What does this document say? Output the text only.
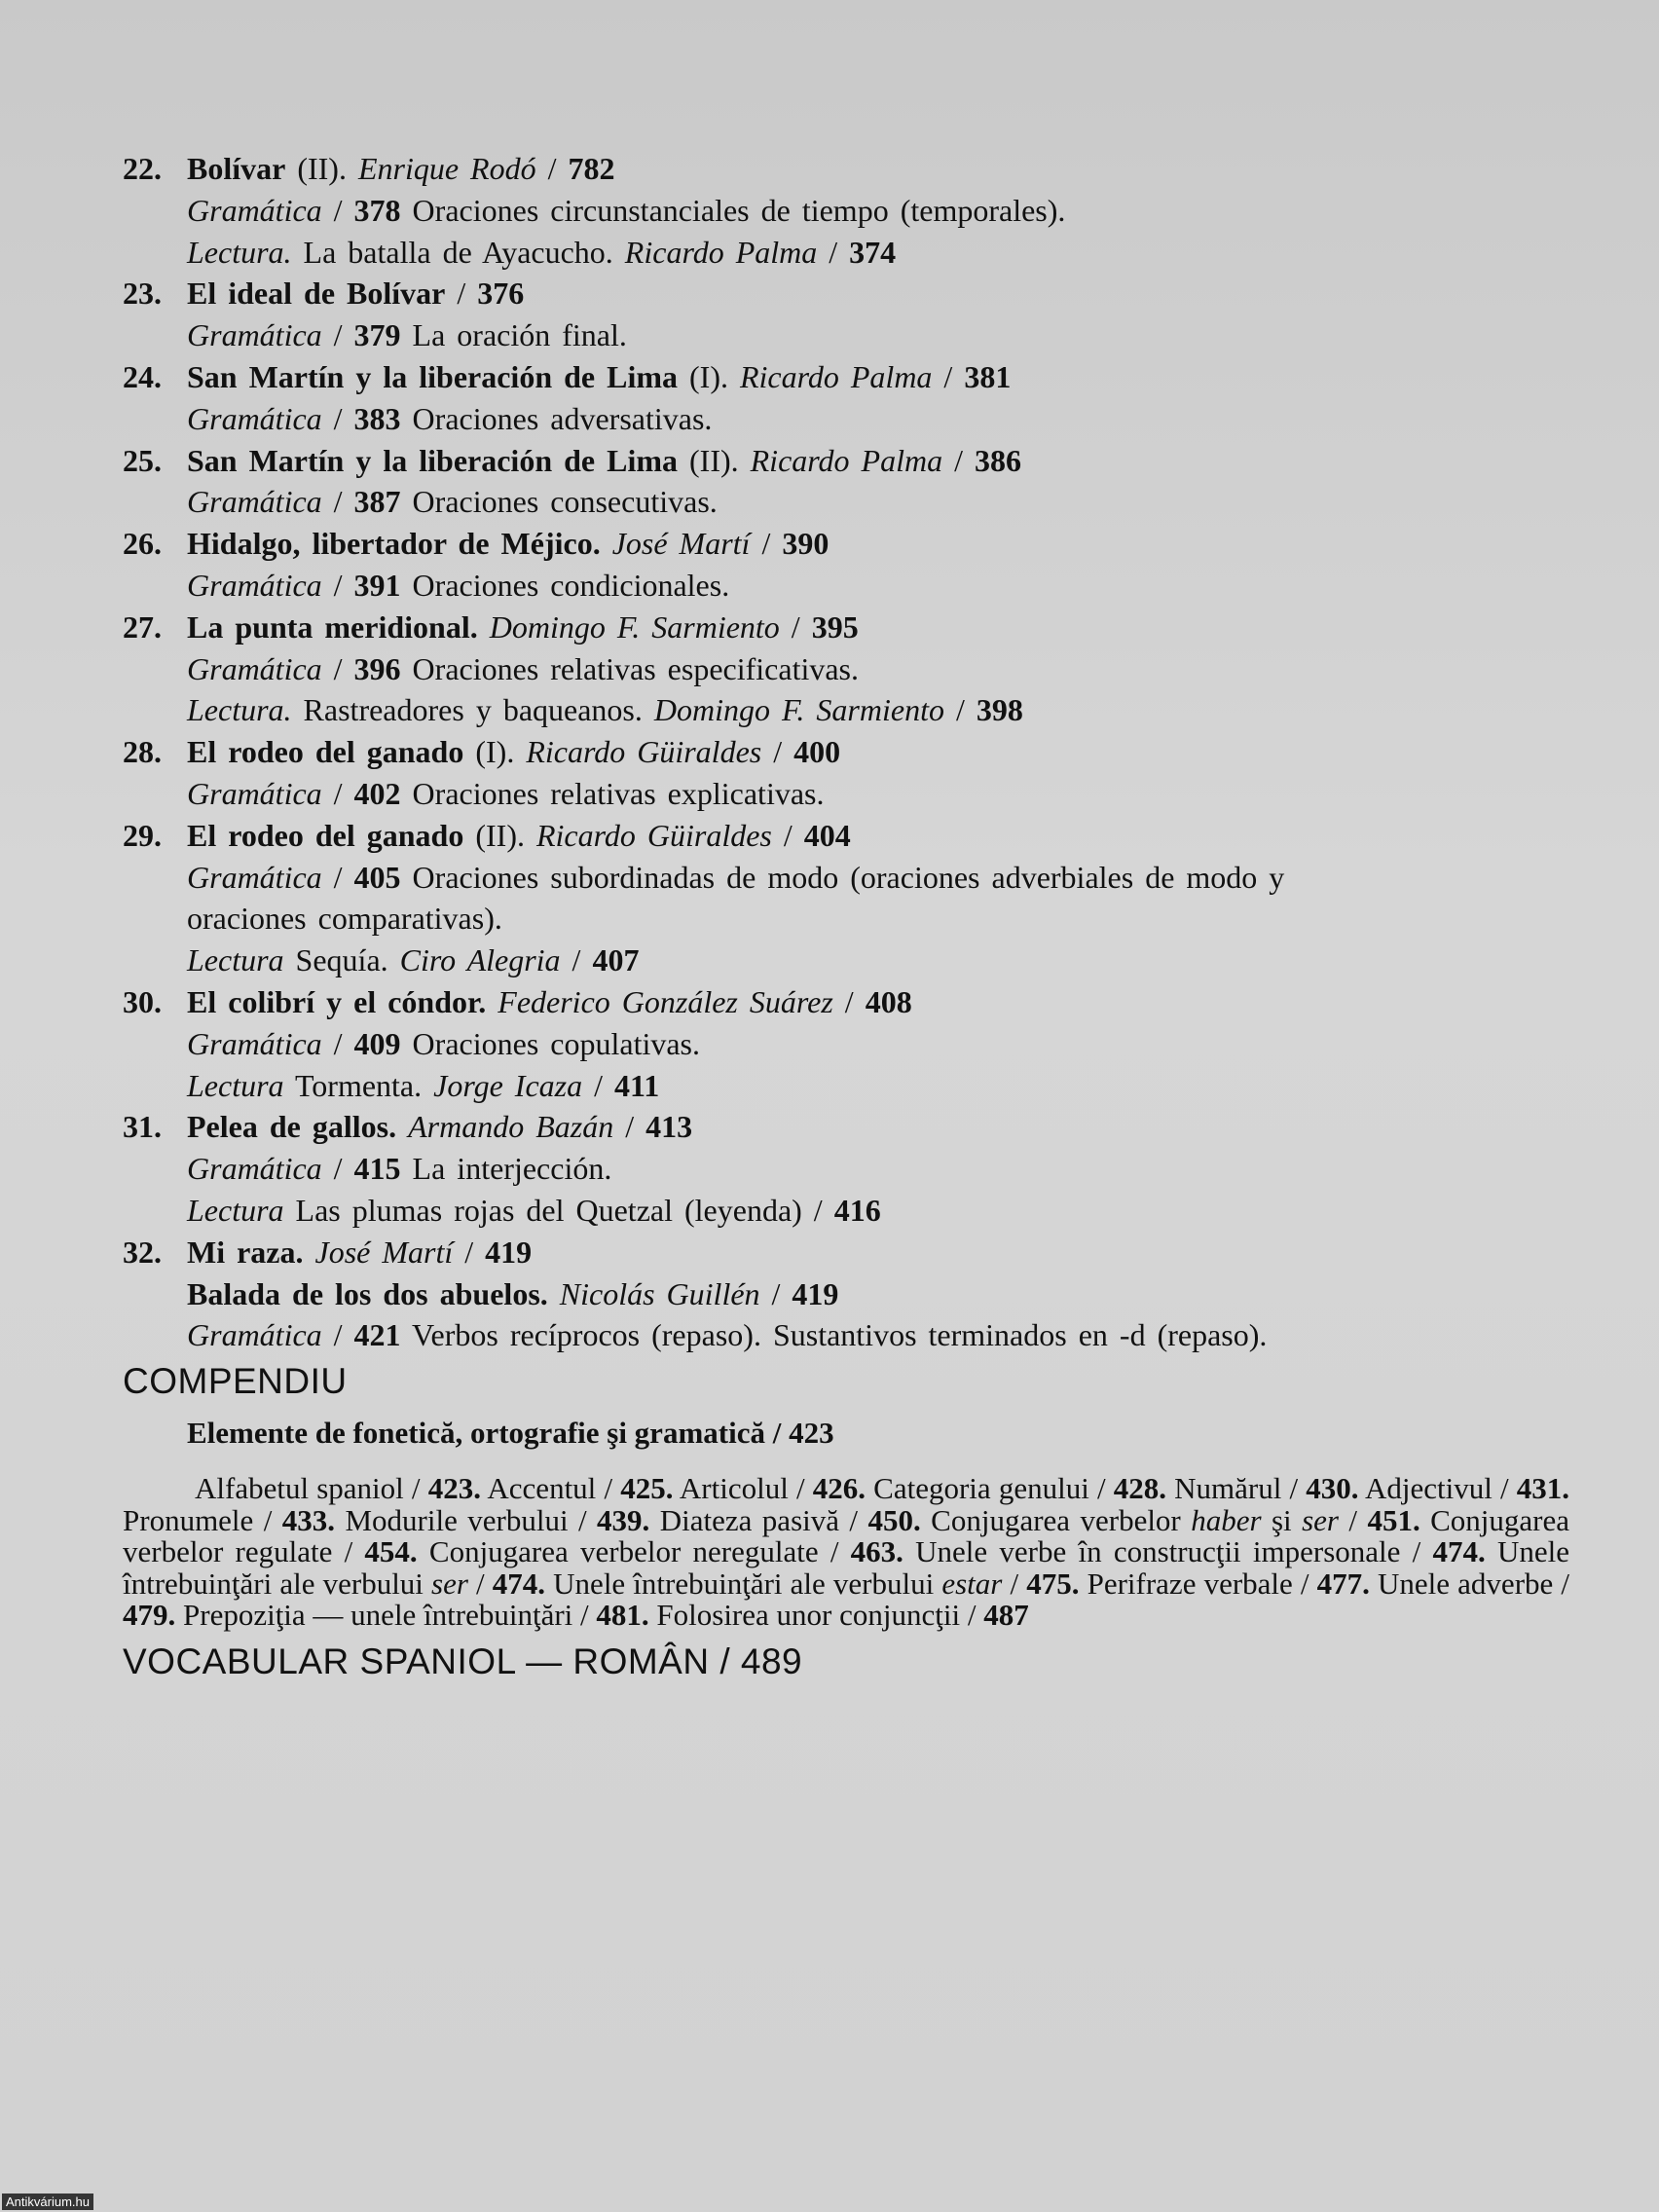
22. Bolívar (II). Enrique Rodó / 782
Gramática / 378 Oraciones circunstanciales de tiempo (temporales).
Lectura. La batalla de Ayacucho. Ricardo Palma / 374
23. El ideal de Bolívar / 376
Gramática / 379 La oración final.
24. San Martín y la liberación de Lima (I). Ricardo Palma / 381
Gramática / 383 Oraciones adversativas.
25. San Martín y la liberación de Lima (II). Ricardo Palma / 386
Gramática / 387 Oraciones consecutivas.
26. Hidalgo, libertador de Méjico. José Martí / 390
Gramática / 391 Oraciones condicionales.
27. La punta meridional. Domingo F. Sarmiento / 395
Gramática / 396 Oraciones relativas especificativas.
Lectura. Rastreadores y baqueanos. Domingo F. Sarmiento / 398
28. El rodeo del ganado (I). Ricardo Güiraldes / 400
Gramática / 402 Oraciones relativas explicativas.
29. El rodeo del ganado (II). Ricardo Güiraldes / 404
Gramática / 405 Oraciones subordinadas de modo (oraciones adverbiales de modo y
oraciones comparativas).
Lectura Sequía. Ciro Alegria / 407
30. El colibrí y el cóndor. Federico González Suárez / 408
Gramática / 409 Oraciones copulativas.
Lectura Tormenta. Jorge Icaza / 411
31. Pelea de gallos. Armando Bazán / 413
Gramática / 415 La interjección.
Lectura Las plumas rojas del Quetzal (leyenda) / 416
32. Mi raza. José Martí / 419
Balada de los dos abuelos. Nicolás Guillén / 419
Gramática / 421 Verbos recíprocos (repaso). Sustantivos terminados en -d (repaso).
COMPENDIU
Elemente de fonetică, ortografie şi gramatică / 423
Alfabetul spaniol / 423. Accentul / 425. Articolul / 426. Categoria genului / 428. Numărul / 430. Adjectivul / 431. Pronumele / 433. Modurile verbului / 439. Diateza pasivă / 450. Conjugarea verbelor haber şi ser / 451. Conjugarea verbelor regulate / 454. Conjugarea verbelor neregulate / 463. Unele verbe în construcţii impersonale / 474. Unele întrebuinţări ale verbului ser / 474. Unele întrebuinţări ale verbului estar / 475. Perifraze verbale / 477. Unele adverbe / 479. Prepoziţia — unele întrebuinţări / 481. Folosirea unor conjuncţii / 487
VOCABULAR SPANIOL — ROMÂN / 489
Antikvárium.hu
